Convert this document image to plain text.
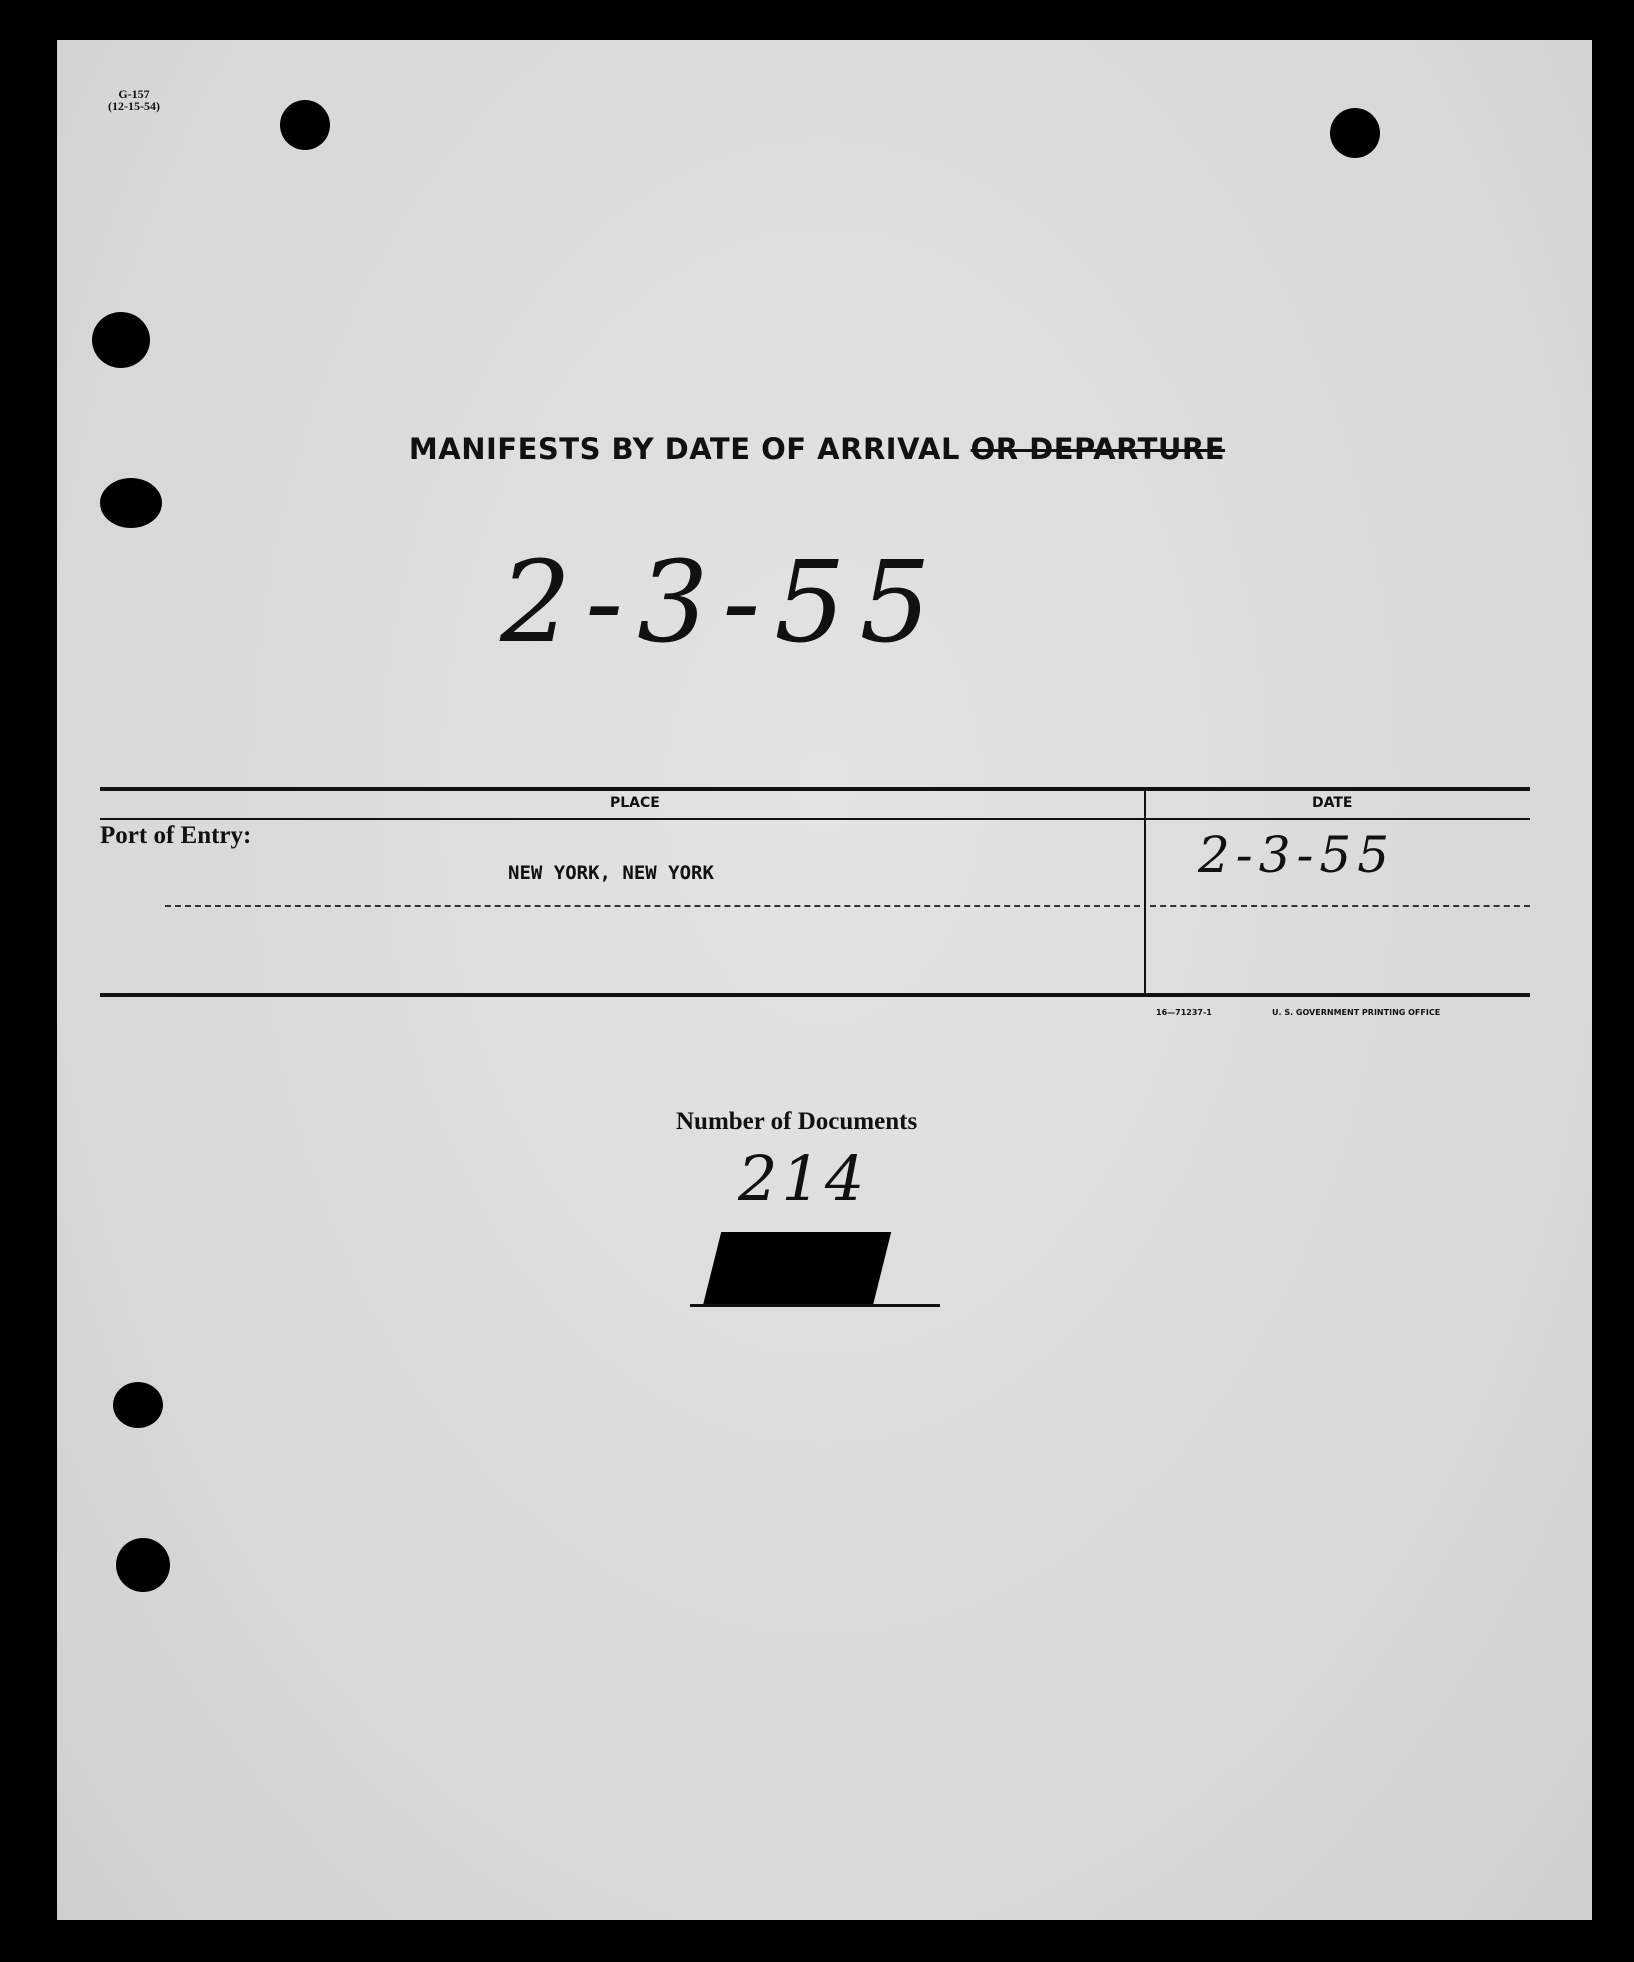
G-157
(12-15-54)
MANIFESTS BY DATE OF ARRIVAL OR DEPARTURE
2-3-55
PLACE	DATE
Port of Entry:
NEW YORK, NEW YORK	2-3-55
16—71237-1	U. S. GOVERNMENT PRINTING OFFICE
Number of Documents
214
